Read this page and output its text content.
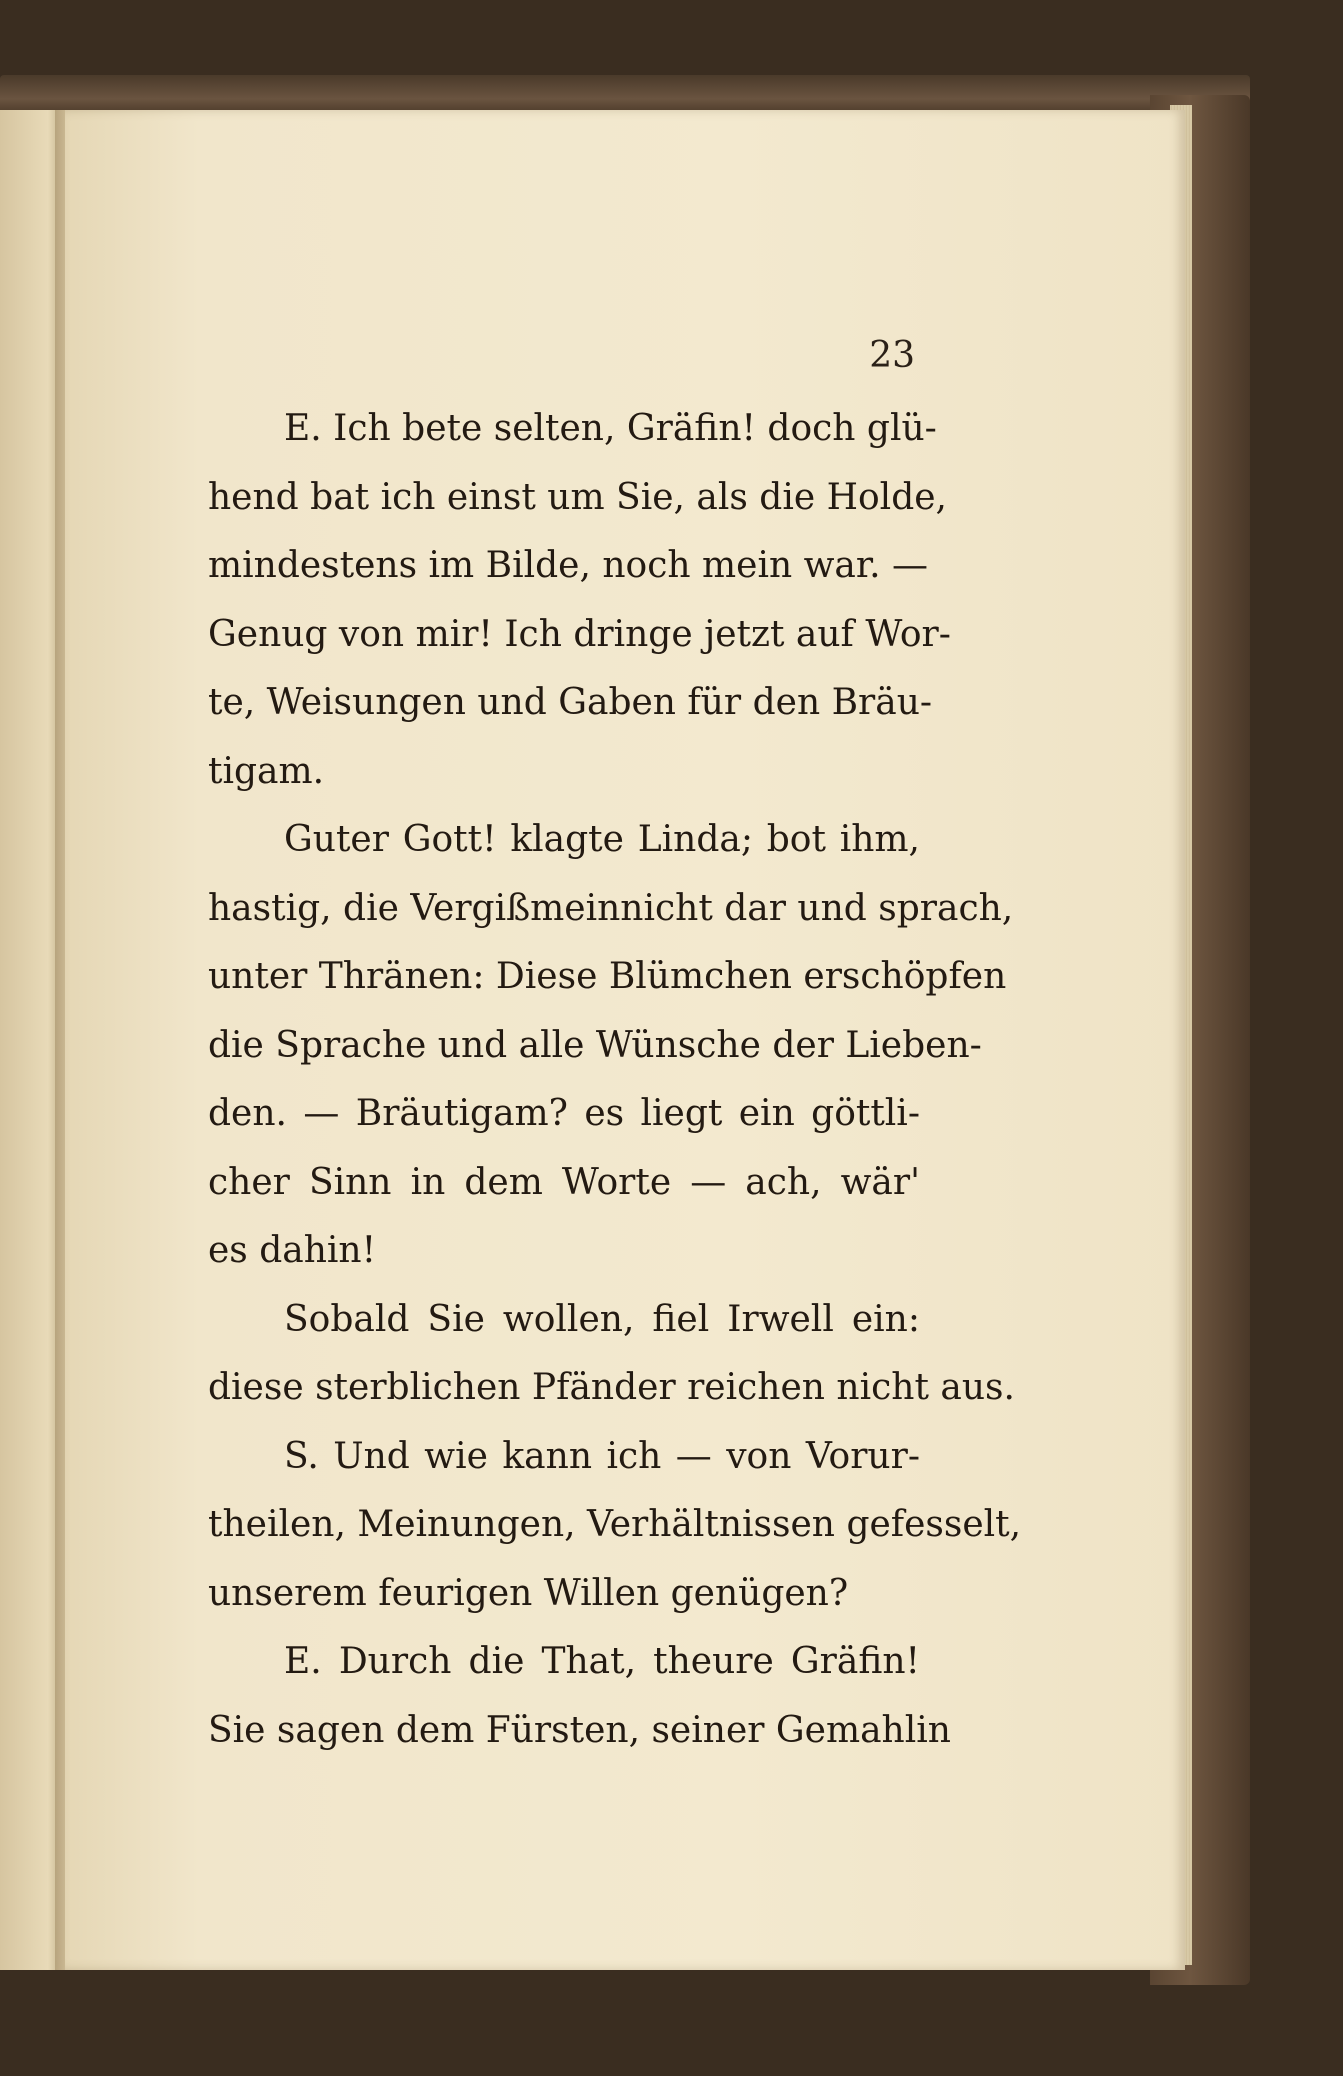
23
E. Ich bete selten, Gräfin! doch glü-
hend bat ich einst um Sie, als die Holde,
mindestens im Bilde, noch mein war. —
Genug von mir! Ich dringe jetzt auf Wor-
te, Weisungen und Gaben für den Bräu-
tigam.
Guter Gott! klagte Linda; bot ihm,
hastig, die Vergißmeinnicht dar und sprach,
unter Thränen: Diese Blümchen erschöpfen
die Sprache und alle Wünsche der Lieben-
den. — Bräutigam? es liegt ein göttli-
cher Sinn in dem Worte — ach, wär'
es dahin!
Sobald Sie wollen, fiel Irwell ein:
diese sterblichen Pfänder reichen nicht aus.
S. Und wie kann ich — von Vorur-
theilen, Meinungen, Verhältnissen gefesselt,
unserem feurigen Willen genügen?
E. Durch die That, theure Gräfin!
Sie sagen dem Fürsten, seiner Gemahlin
